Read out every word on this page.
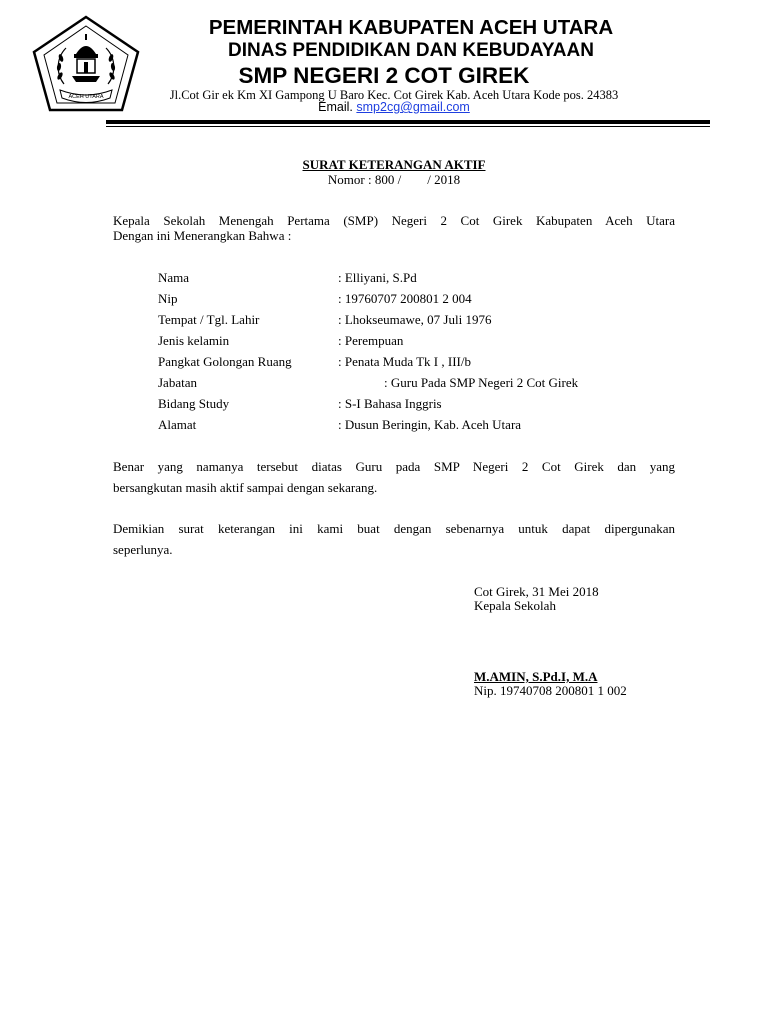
ACEH UTARA
PEMERINTAH KABUPATEN ACEH UTARA
DINAS PENDIDIKAN DAN KEBUDAYAAN
SMP NEGERI 2 COT GIREK
Jl.Cot Gir ek Km XI Gampong U Baro Kec. Cot Girek Kab. Aceh Utara Kode pos. 24383
Email. smp2cg@gmail.com
SURAT KETERANGAN AKTIF
Nomor : 800 /        / 2018
Kepala Sekolah Menengah Pertama (SMP) Negeri 2 Cot Girek Kabupaten Aceh Utara
Dengan ini Menerangkan Bahwa :
Nama	: Elliyani, S.Pd
Nip	: 19760707 200801 2 004
Tempat / Tgl. Lahir	: Lhokseumawe, 07 Juli 1976
Jenis kelamin	: Perempuan
Pangkat Golongan Ruang	: Penata Muda Tk I , III/b
Jabatan	: Guru Pada SMP Negeri 2 Cot Girek
Bidang Study	: S-I Bahasa Inggris
Alamat	: Dusun Beringin, Kab. Aceh Utara
Benar yang namanya tersebut diatas Guru pada SMP Negeri 2 Cot Girek dan yang
bersangkutan masih aktif sampai dengan sekarang.
Demikian surat keterangan ini kami buat dengan sebenarnya untuk dapat dipergunakan
seperlunya.
Cot Girek, 31 Mei 2018
Kepala Sekolah
M.AMIN, S.Pd.I, M.A
Nip. 19740708 200801 1 002
